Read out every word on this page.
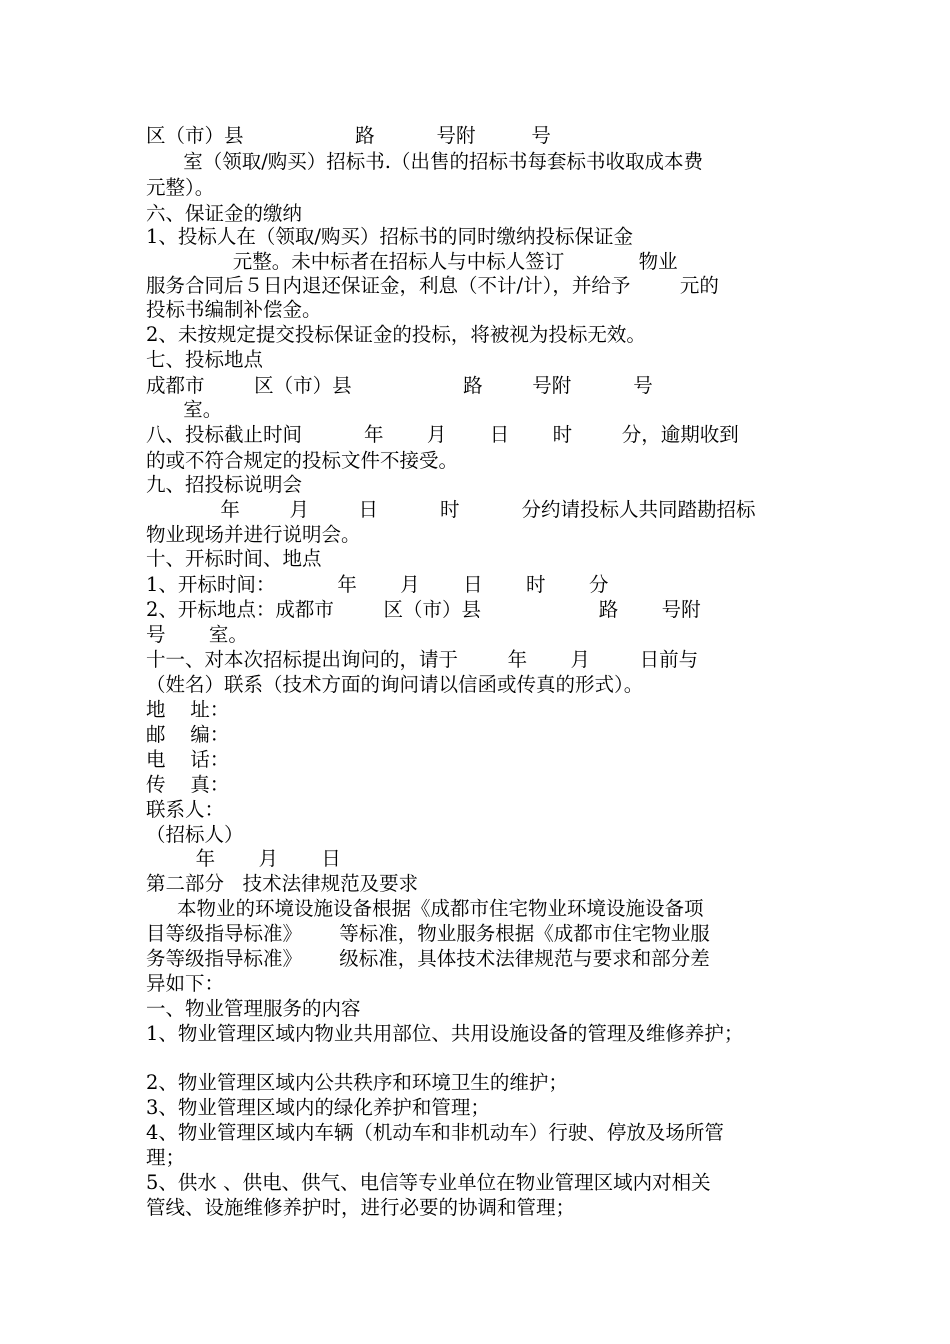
区（市）县                  路          号附         号
室（领取/购买）招标书.（出售的招标书每套标书收取成本费
元整）。
六、保证金的缴纳
1、投标人在（领取/购买）招标书的同时缴纳投标保证金
元整。未中标者在招标人与中标人签订            物业
服务合同后５日内退还保证金，利息（不计/计），并给予        元的
投标书编制补偿金。
2、未按规定提交投标保证金的投标，将被视为投标无效。
七、投标地点
成都市        区（市）县                  路        号附          号
室。
八、投标截止时间          年       月       日       时        分，逾期收到
的或不符合规定的投标文件不接受。
九、招投标说明会
年        月        日          时          分约请投标人共同踏勘招标
物业现场并进行说明会。
十、开标时间、地点
1、开标时间：          年       月       日       时       分
2、开标地点：成都市        区（市）县                   路       号附
号       室。
十一、对本次招标提出询问的，请于        年       月        日前与
（姓名）联系（技术方面的询问请以信函或传真的形式）。
地    址：
邮    编：
电    话：
传    真：
联系人：
（招标人）
年       月       日
第二部分   技术法律规范及要求
本物业的环境设施设备根据《成都市住宅物业环境设施设备项
目等级指导标准》      等标准，物业服务根据《成都市住宅物业服
务等级指导标准》      级标准，具体技术法律规范与要求和部分差
异如下：
一、物业管理服务的内容
1、物业管理区域内物业共用部位、共用设施设备的管理及维修养护；
2、物业管理区域内公共秩序和环境卫生的维护；
3、物业管理区域内的绿化养护和管理；
4、物业管理区域内车辆（机动车和非机动车）行驶、停放及场所管
理；
5、供水 、供电、供气、电信等专业单位在物业管理区域内对相关
管线、设施维修养护时，进行必要的协调和管理；
